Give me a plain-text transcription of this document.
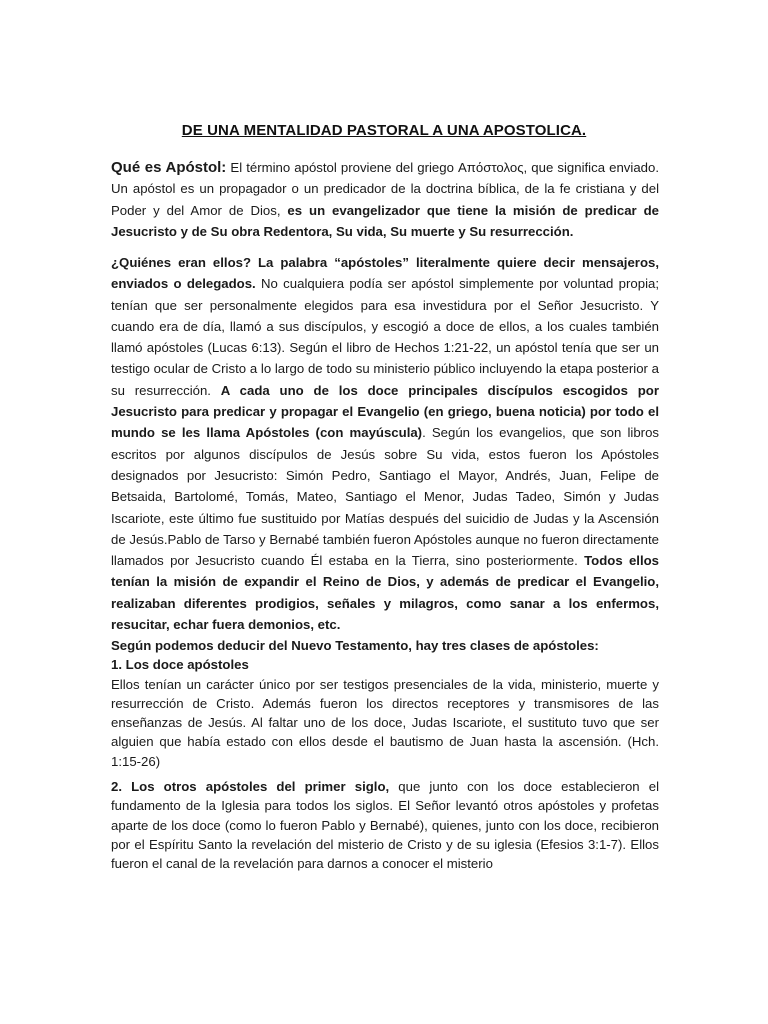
DE UNA MENTALIDAD PASTORAL A UNA APOSTOLICA.

Qué es Apóstol: El término apóstol proviene del griego Απόστολος, que significa enviado. Un apóstol es un propagador o un predicador de la doctrina bíblica, de la fe cristiana y del Poder y del Amor de Dios, es un evangelizador que tiene la misión de predicar de Jesucristo y de Su obra Redentora, Su vida, Su muerte y Su resurrección.

¿Quiénes eran ellos? La palabra “apóstoles” literalmente quiere decir mensajeros, enviados o delegados. No cualquiera podía ser apóstol simplemente por voluntad propia; tenían que ser personalmente elegidos para esa investidura por el Señor Jesucristo. Y cuando era de día, llamó a sus discípulos, y escogió a doce de ellos, a los cuales también llamó apóstoles (Lucas 6:13). Según el libro de Hechos 1:21-22, un apóstol tenía que ser un testigo ocular de Cristo a lo largo de todo su ministerio público incluyendo la etapa posterior a su resurrección. A cada uno de los doce principales discípulos escogidos por Jesucristo para predicar y propagar el Evangelio (en griego, buena noticia) por todo el mundo se les llama Apóstoles (con mayúscula). Según los evangelios, que son libros escritos por algunos discípulos de Jesús sobre Su vida, estos fueron los Apóstoles designados por Jesucristo: Simón Pedro, Santiago el Mayor, Andrés, Juan, Felipe de Betsaida, Bartolomé, Tomás, Mateo, Santiago el Menor, Judas Tadeo, Simón y Judas Iscariote, este último fue sustituido por Matías después del suicidio de Judas y la Ascensión de Jesús.Pablo de Tarso y Bernabé también fueron Apóstoles aunque no fueron directamente llamados por Jesucristo cuando Él estaba en la Tierra, sino posteriormente. Todos ellos tenían la misión de expandir el Reino de Dios, y además de predicar el Evangelio, realizaban diferentes prodigios, señales y milagros, como sanar a los enfermos, resucitar, echar fuera demonios, etc.

Según podemos deducir del Nuevo Testamento, hay tres clases de apóstoles:

1. Los doce apóstoles

Ellos tenían un carácter único por ser testigos presenciales de la vida, ministerio, muerte y resurrección de Cristo. Además fueron los directos receptores y transmisores de las enseñanzas de Jesús. Al faltar uno de los doce, Judas Iscariote, el sustituto tuvo que ser alguien que había estado con ellos desde el bautismo de Juan hasta la ascensión. (Hch. 1:15-26)

2. Los otros apóstoles del primer siglo, que junto con los doce establecieron el fundamento de la Iglesia para todos los siglos. El Señor levantó otros apóstoles y profetas aparte de los doce (como lo fueron Pablo y Bernabé), quienes, junto con los doce, recibieron por el Espíritu Santo la revelación del misterio de Cristo y de su iglesia (Efesios 3:1-7). Ellos fueron el canal de la revelación para darnos a conocer el misterio
